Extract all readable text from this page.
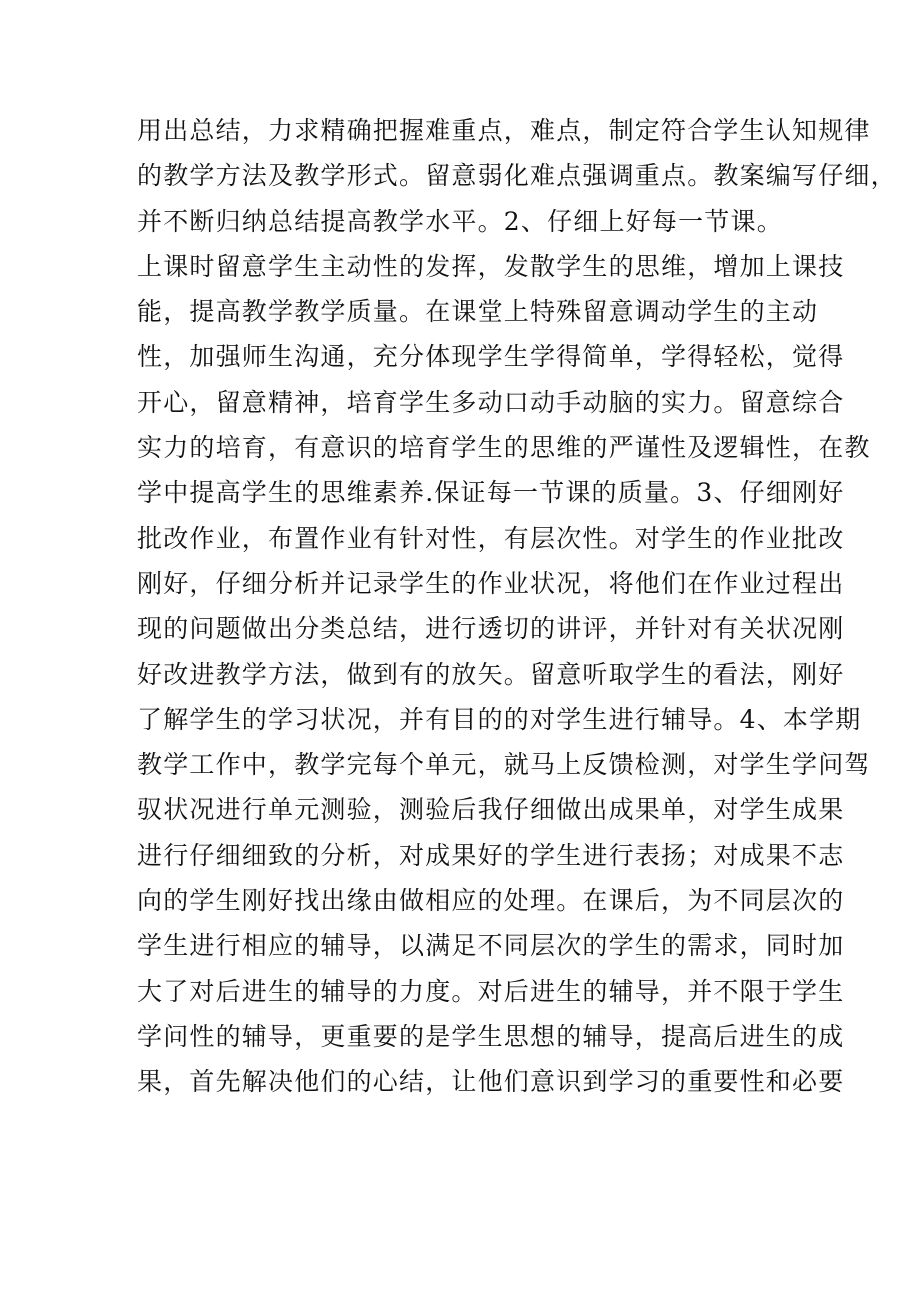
用出总结，力求精确把握难重点，难点，制定符合学生认知规律
的教学方法及教学形式。留意弱化难点强调重点。教案编写仔细，
并不断归纳总结提高教学水平。2、仔细上好每一节课。
上课时留意学生主动性的发挥，发散学生的思维，增加上课技
能，提高教学教学质量。在课堂上特殊留意调动学生的主动
性，加强师生沟通，充分体现学生学得简单，学得轻松，觉得
开心，留意精神，培育学生多动口动手动脑的实力。留意综合
实力的培育，有意识的培育学生的思维的严谨性及逻辑性，在教
学中提高学生的思维素养.保证每一节课的质量。3、仔细刚好
批改作业，布置作业有针对性，有层次性。对学生的作业批改
刚好，仔细分析并记录学生的作业状况，将他们在作业过程出
现的问题做出分类总结，进行透切的讲评，并针对有关状况刚
好改进教学方法，做到有的放矢。留意听取学生的看法，刚好
了解学生的学习状况，并有目的的对学生进行辅导。4、本学期
教学工作中，教学完每个单元，就马上反馈检测，对学生学问驾
驭状况进行单元测验，测验后我仔细做出成果单，对学生成果
进行仔细细致的分析，对成果好的学生进行表扬；对成果不志
向的学生刚好找出缘由做相应的处理。在课后，为不同层次的
学生进行相应的辅导，以满足不同层次的学生的需求，同时加
大了对后进生的辅导的力度。对后进生的辅导，并不限于学生
学问性的辅导，更重要的是学生思想的辅导，提高后进生的成
果，首先解决他们的心结，让他们意识到学习的重要性和必要
